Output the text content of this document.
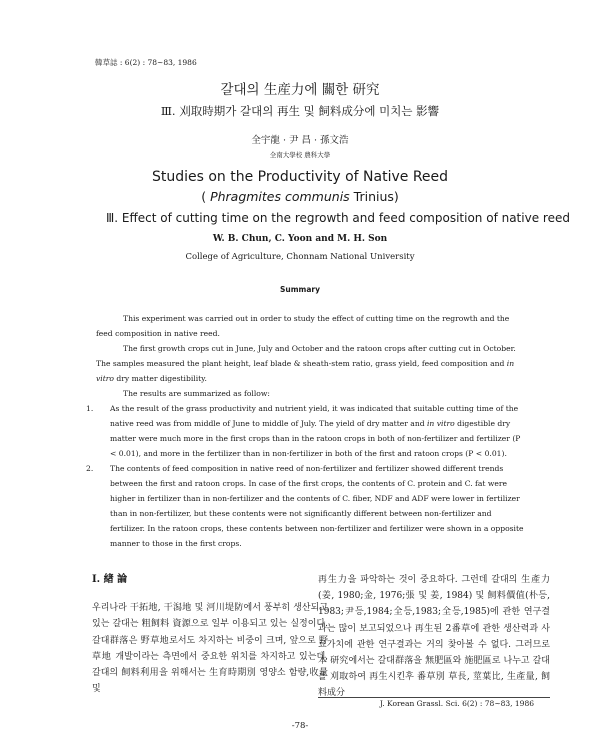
韓草誌 : 6(2) : 78~83, 1986
갈대의 生産力에 關한 研究
Ⅲ. 刈取時期가 갈대의 再生 및 飼料成分에 미치는 影響
全宇龍 · 尹 昌 · 孫文浩
全南大學校 農科大學
Studies on the Productivity of Native Reed
( Phragmites communis Trinius)
Ⅲ. Effect of cutting time on the regrowth and feed composition of native reed
W. B. Chun, C. Yoon and M. H. Son
College of Agriculture, Chonnam National University
Summary

This experiment was carried out in order to study the effect of cutting time on the regrowth and the feed composition in native reed.

The first growth crops cut in June, July and October and the ratoon crops after cutting cut in October. The samples measured the plant height, leaf blade & sheath-stem ratio, grass yield, feed composition and in vitro dry matter digestibility.

The results are summarized as follow:

1. As the result of the grass productivity and nutrient yield, it was indicated that suitable cutting time of the native reed was from middle of June to middle of July. The yield of dry matter and in vitro digestible dry matter were much more in the first crops than in the ratoon crops in both of non-fertilizer and fertilizer (P < 0.01), and more in the fertilizer than in non-fertilizer in both of the first and ratoon crops (P < 0.01).

2. The contents of feed composition in native reed of non-fertilizer and fertilizer showed different trends between the first and ratoon crops. In case of the first crops, the contents of C. protein and C. fat were higher in fertilizer than in non-fertilizer and the contents of C. fiber, NDF and ADF were lower in fertilizer than in non-fertilizer, but these contents were not significantly different between non-fertilizer and fertilizer. In the ratoon crops, these contents between non-fertilizer and fertilizer were shown in a opposite manner to those in the first crops.

Ⅰ. 緖 論
우리나라 干拓地, 干潟地 및 河川堤防에서 풍부히 생산되고 있는 갈대는 粗飼料 資源으로 일부 이용되고 있는 실정이다. 갈대群落은 野草地로서도 차지하는 비중이 크며, 앞으로 野草地 개발이라는 측면에서 중요한 위치를 차지하고 있는데, 갈대의 飼料利用을 위해서는 生育時期別 영양소 함량,收量 및
再生力을 파악하는 것이 중요하다. 그런데 갈대의 生產力(姜, 1980;金, 1976;張 및 姜, 1984) 및 飼料價值(朴등, 1983;尹등,1984;全등,1983;全등,1985)에 관한 연구결과는 많이 보고되었으나 再生된 2番草에 관한 생산력과 사료가치에 관한 연구결과는 거의 찾아볼 수 없다. 그러므로 本 研究에서는 갈대群落을 無肥區와 施肥區로 나누고 갈대를 刈取하여 再生시킨후 番草別 草長, 莖葉比, 生產量, 飼料成分
J. Korean Grassl. Sci. 6(2) : 78~83, 1986
-78-
